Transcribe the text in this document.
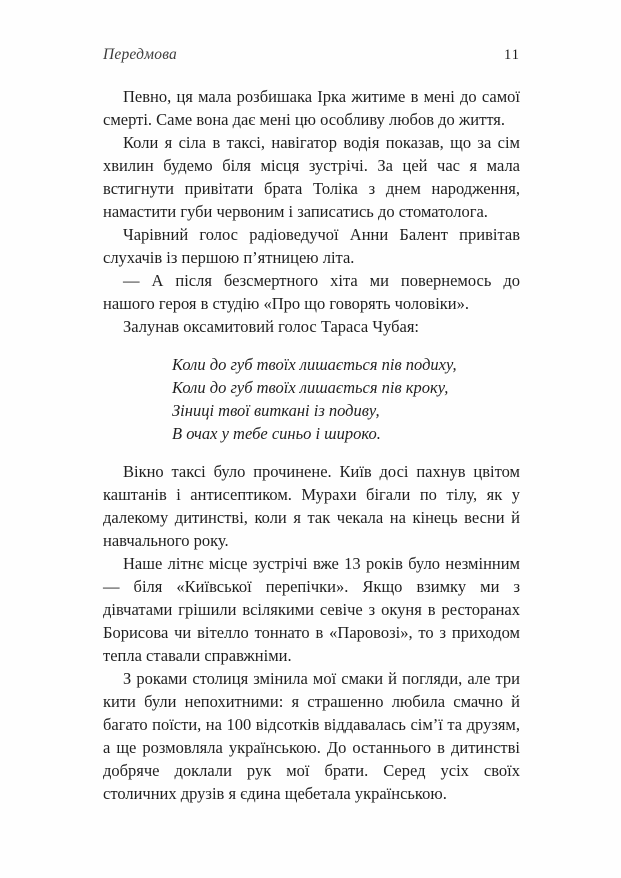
Передмова	11

Певно, ця мала розбишака Ірка житиме в мені до самої смерті. Саме вона дає мені цю особливу любов до життя.

Коли я сіла в таксі, навігатор водія показав, що за сім хвилин будемо біля місця зустрічі. За цей час я мала встигнути привітати брата Толіка з днем народження, намастити губи червоним і записатись до стоматолога.

Чарівний голос радіоведучої Анни Балент привітав слухачів із першою п’ятницею літа.

— А після безсмертного хіта ми повернемось до нашого героя в студію «Про що говорять чоловіки».

Залунав оксамитовий голос Тараса Чубая:

Коли до губ твоїх лишається пів подиху,
Коли до губ твоїх лишається пів кроку,
Зіниці твої виткані із подиву,
В очах у тебе синьо і широко.

Вікно таксі було прочинене. Київ досі пахнув цвітом каштанів і антисептиком. Мурахи бігали по тілу, як у далекому дитинстві, коли я так чекала на кінець весни й навчального року.

Наше літнє місце зустрічі вже 13 років було незмінним — біля «Київської перепічки». Якщо взимку ми з дівчатами грішили всілякими севіче з окуня в ресторанах Борисова чи вітелло тоннато в «Паровозі», то з приходом тепла ставали справжніми.

З роками столиця змінила мої смаки й погляди, але три кити були непохитними: я страшенно любила смачно й багато поїсти, на 100 відсотків віддавалась сім’ї та друзям, а ще розмовляла українською. До останнього в дитинстві добряче доклали рук мої брати. Серед усіх своїх столичних друзів я єдина щебетала українською.
